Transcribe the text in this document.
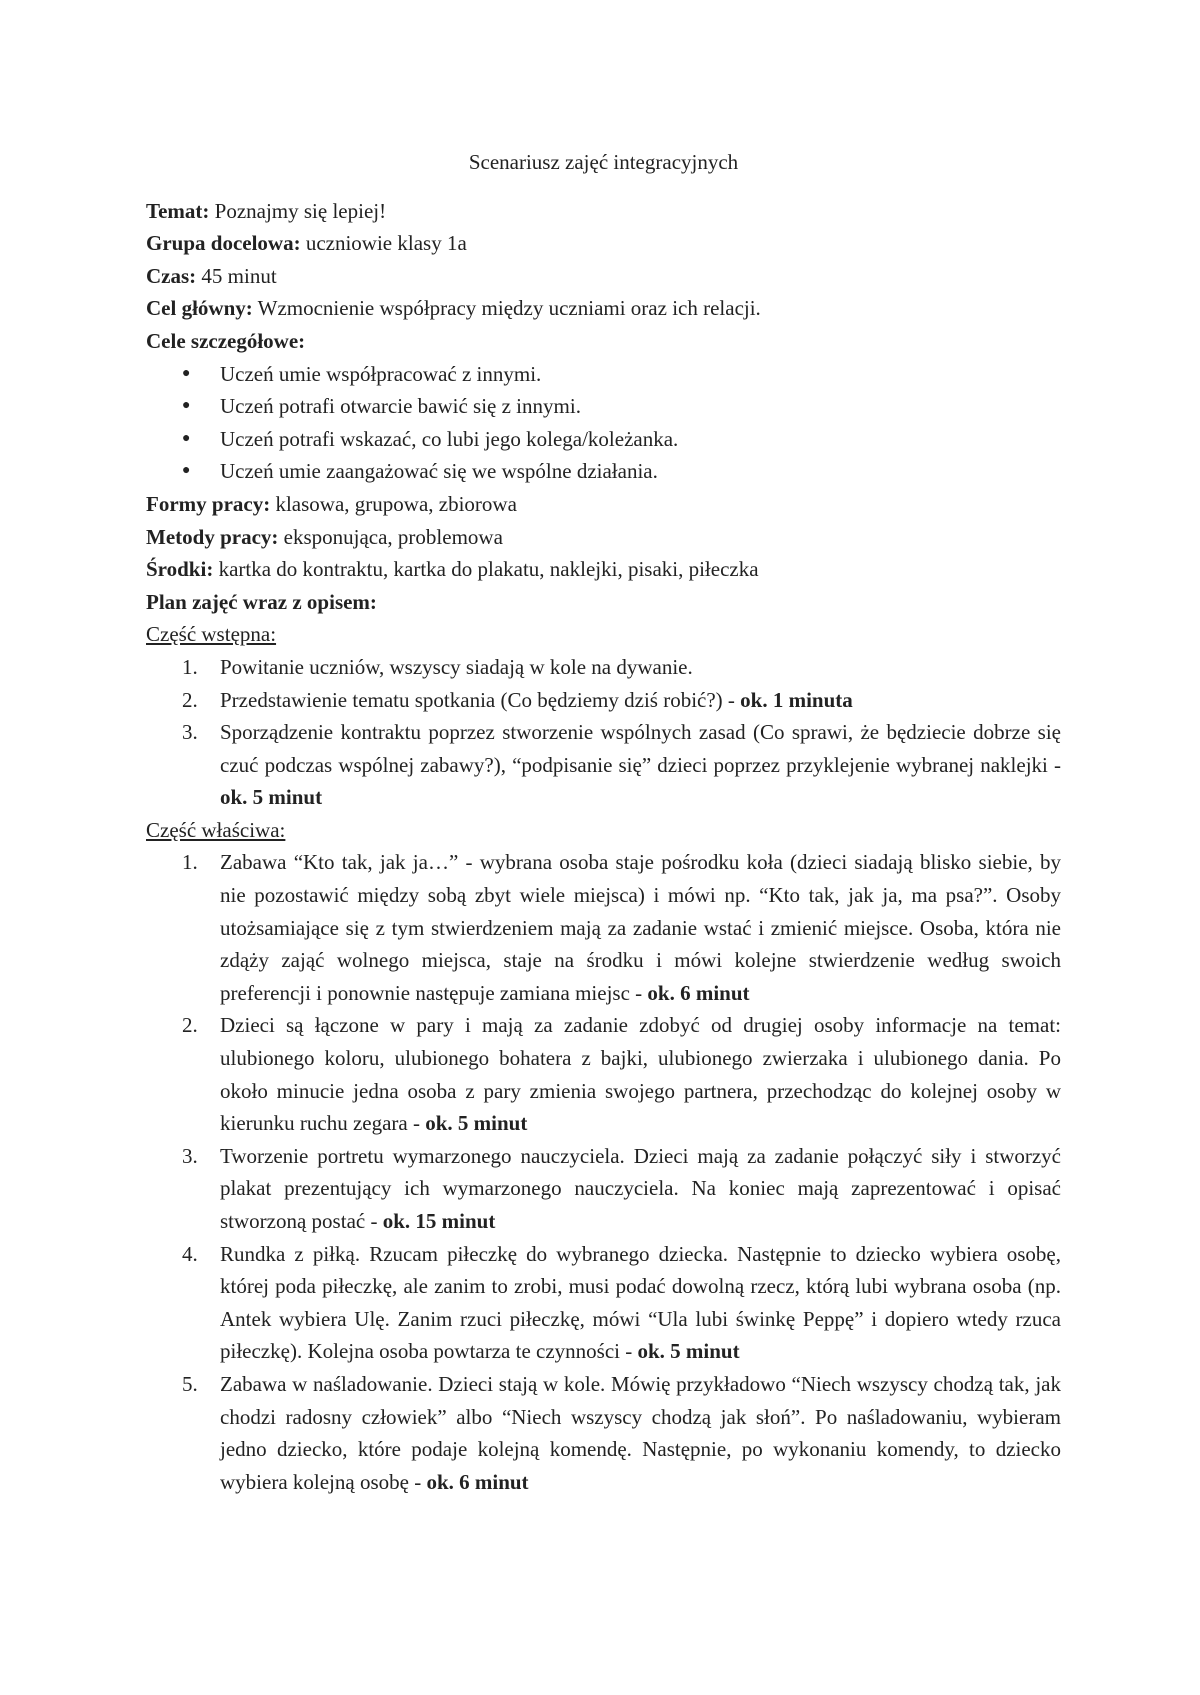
Scenariusz zajęć integracyjnych

Temat: Poznajmy się lepiej!

Grupa docelowa: uczniowie klasy 1a

Czas: 45 minut

Cel główny: Wzmocnienie współpracy między uczniami oraz ich relacji.

Cele szczegółowe:

● Uczeń umie współpracować z innymi.
● Uczeń potrafi otwarcie bawić się z innymi.
● Uczeń potrafi wskazać, co lubi jego kolega/koleżanka.
● Uczeń umie zaangażować się we wspólne działania.

Formy pracy: klasowa, grupowa, zbiorowa

Metody pracy: eksponująca, problemowa

Środki: kartka do kontraktu, kartka do plakatu, naklejki, pisaki, piłeczka

Plan zajęć wraz z opisem:

Część wstępna:

1. Powitanie uczniów, wszyscy siadają w kole na dywanie.
2. Przedstawienie tematu spotkania (Co będziemy dziś robić?) - ok. 1 minuta
3. Sporządzenie kontraktu poprzez stworzenie wspólnych zasad (Co sprawi, że będziecie dobrze się czuć podczas wspólnej zabawy?), “podpisanie się” dzieci poprzez przyklejenie wybranej naklejki - ok. 5 minut

Część właściwa:

1. Zabawa “Kto tak, jak ja…” - wybrana osoba staje pośrodku koła (dzieci siadają blisko siebie, by nie pozostawić między sobą zbyt wiele miejsca) i mówi np. “Kto tak, jak ja, ma psa?”. Osoby utożsamiające się z tym stwierdzeniem mają za zadanie wstać i zmienić miejsce. Osoba, która nie zdąży zająć wolnego miejsca, staje na środku i mówi kolejne stwierdzenie według swoich preferencji i ponownie następuje zamiana miejsc - ok. 6 minut
2. Dzieci są łączone w pary i mają za zadanie zdobyć od drugiej osoby informacje na temat: ulubionego koloru, ulubionego bohatera z bajki, ulubionego zwierzaka i ulubionego dania. Po około minucie jedna osoba z pary zmienia swojego partnera, przechodząc do kolejnej osoby w kierunku ruchu zegara - ok. 5 minut
3. Tworzenie portretu wymarzonego nauczyciela. Dzieci mają za zadanie połączyć siły i stworzyć plakat prezentujący ich wymarzonego nauczyciela. Na koniec mają zaprezentować i opisać stworzoną postać - ok. 15 minut
4. Rundka z piłką. Rzucam piłeczkę do wybranego dziecka. Następnie to dziecko wybiera osobę, której poda piłeczkę, ale zanim to zrobi, musi podać dowolną rzecz, którą lubi wybrana osoba (np. Antek wybiera Ulę. Zanim rzuci piłeczkę, mówi “Ula lubi świnkę Peppę” i dopiero wtedy rzuca piłeczkę). Kolejna osoba powtarza te czynności - ok. 5 minut
5. Zabawa w naśladowanie. Dzieci stają w kole. Mówię przykładowo “Niech wszyscy chodzą tak, jak chodzi radosny człowiek” albo “Niech wszyscy chodzą jak słoń”. Po naśladowaniu, wybieram jedno dziecko, które podaje kolejną komendę. Następnie, po wykonaniu komendy, to dziecko wybiera kolejną osobę - ok. 6 minut
